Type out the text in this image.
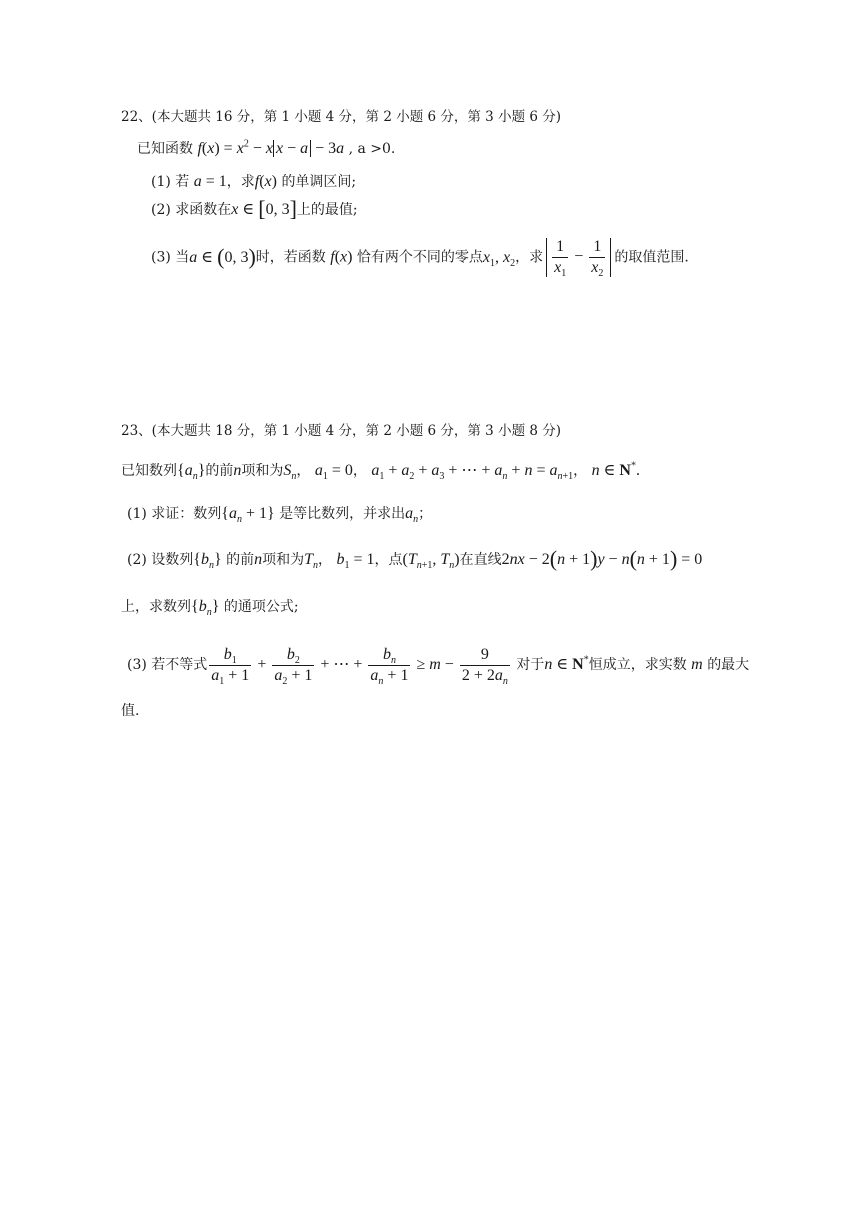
22、(本大题共 16 分，第 1 小题 4 分，第 2 小题 6 分，第 3 小题 6 分)
已知函数 $f(x) = x^2 - x$ x − a − 3a , a >0.
(1) 若 a = 1，求f(x) 的单调区间;
(2) 求函数在x ∈ [0, 3]上的最值;
(3) 当a ∈ (0, 3)时，若函数 f(x) 恰有两个不同的零点$x_1$, $x_2$，求 $\frac{1}{x_1} - \frac{1}{x_2}$ 的取值范围.
23、(本大题共 18 分，第 1 小题 4 分，第 2 小题 6 分，第 3 小题 8 分)
已知数列$\{a_n\}$的前n项和为$S_n$， $a_1 = 0$， $a_1 + a_2 + a_3$ + ⋯ + $a_n + n = a_{n+1}$， n ∈ N*.
(1) 求证：数列$\{a_n + 1\}$ 是等比数列，并求出$a_n$；
(2) 设数列$\{b_n\}$ 的前n项和为$T_n$， $b_1 = 1$，点($T_{n+1}$, $T_n$)在直线2nx − 2(n + 1)y − n(n + 1) = 0
上，求数列$\{b_n\}$ 的通项公式;
(3) 若不等式 $\frac{b_1}{a_1 + 1} + \frac{b_2}{a_2 + 1}$ + ⋯ + $\frac{b_n}{a_n + 1} \ge m - \frac{9}{2 + 2a_n}$ 对于n ∈ N*恒成立，求实数 m 的最大
值.
